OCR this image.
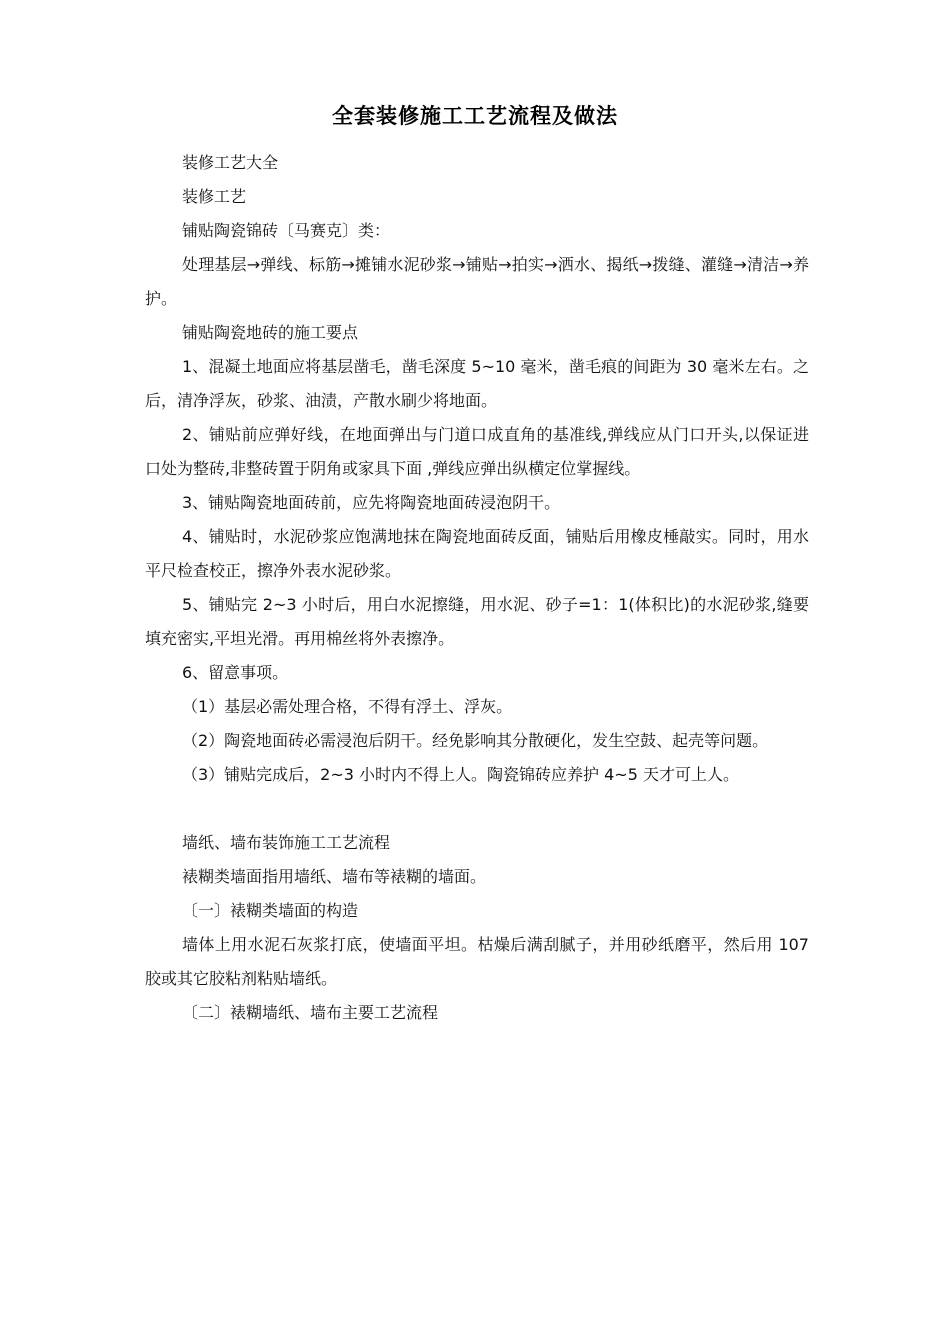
全套装修施工工艺流程及做法

装修工艺大全

装修工艺

铺贴陶瓷锦砖〔马赛克〕类：

处理基层→弹线、标筋→摊铺水泥砂浆→铺贴→拍实→洒水、揭纸→拨缝、灌缝→清洁→养护。

铺贴陶瓷地砖的施工要点

1、混凝土地面应将基层凿毛，凿毛深度 5~10 毫米，凿毛痕的间距为 30 毫米左右。之后，清净浮灰，砂浆、油渍，产散水刷少将地面。

2、铺贴前应弹好线，在地面弹出与门道口成直角的基准线,弹线应从门口开头,以保证进口处为整砖,非整砖置于阴角或家具下面 ,弹线应弹出纵横定位掌握线。

3、铺贴陶瓷地面砖前，应先将陶瓷地面砖浸泡阴干。

4、铺贴时，水泥砂浆应饱满地抹在陶瓷地面砖反面，铺贴后用橡皮棰敲实。同时，用水平尺检查校正，擦净外表水泥砂浆。

5、铺贴完 2~3 小时后，用白水泥擦缝，用水泥、砂子=1：1(体积比)的水泥砂浆,缝要填充密实,平坦光滑。再用棉丝将外表擦净。

6、留意事项。

（1）基层必需处理合格，不得有浮土、浮灰。

（2）陶瓷地面砖必需浸泡后阴干。经免影响其分散硬化，发生空鼓、起壳等问题。

（3）铺贴完成后，2~3 小时内不得上人。陶瓷锦砖应养护 4~5 天才可上人。

墙纸、墙布装饰施工工艺流程

裱糊类墙面指用墙纸、墙布等裱糊的墙面。

〔一〕裱糊类墙面的构造

墙体上用水泥石灰浆打底，使墙面平坦。枯燥后满刮腻子，并用砂纸磨平，然后用 107 胶或其它胶粘剂粘贴墙纸。

〔二〕裱糊墙纸、墙布主要工艺流程
